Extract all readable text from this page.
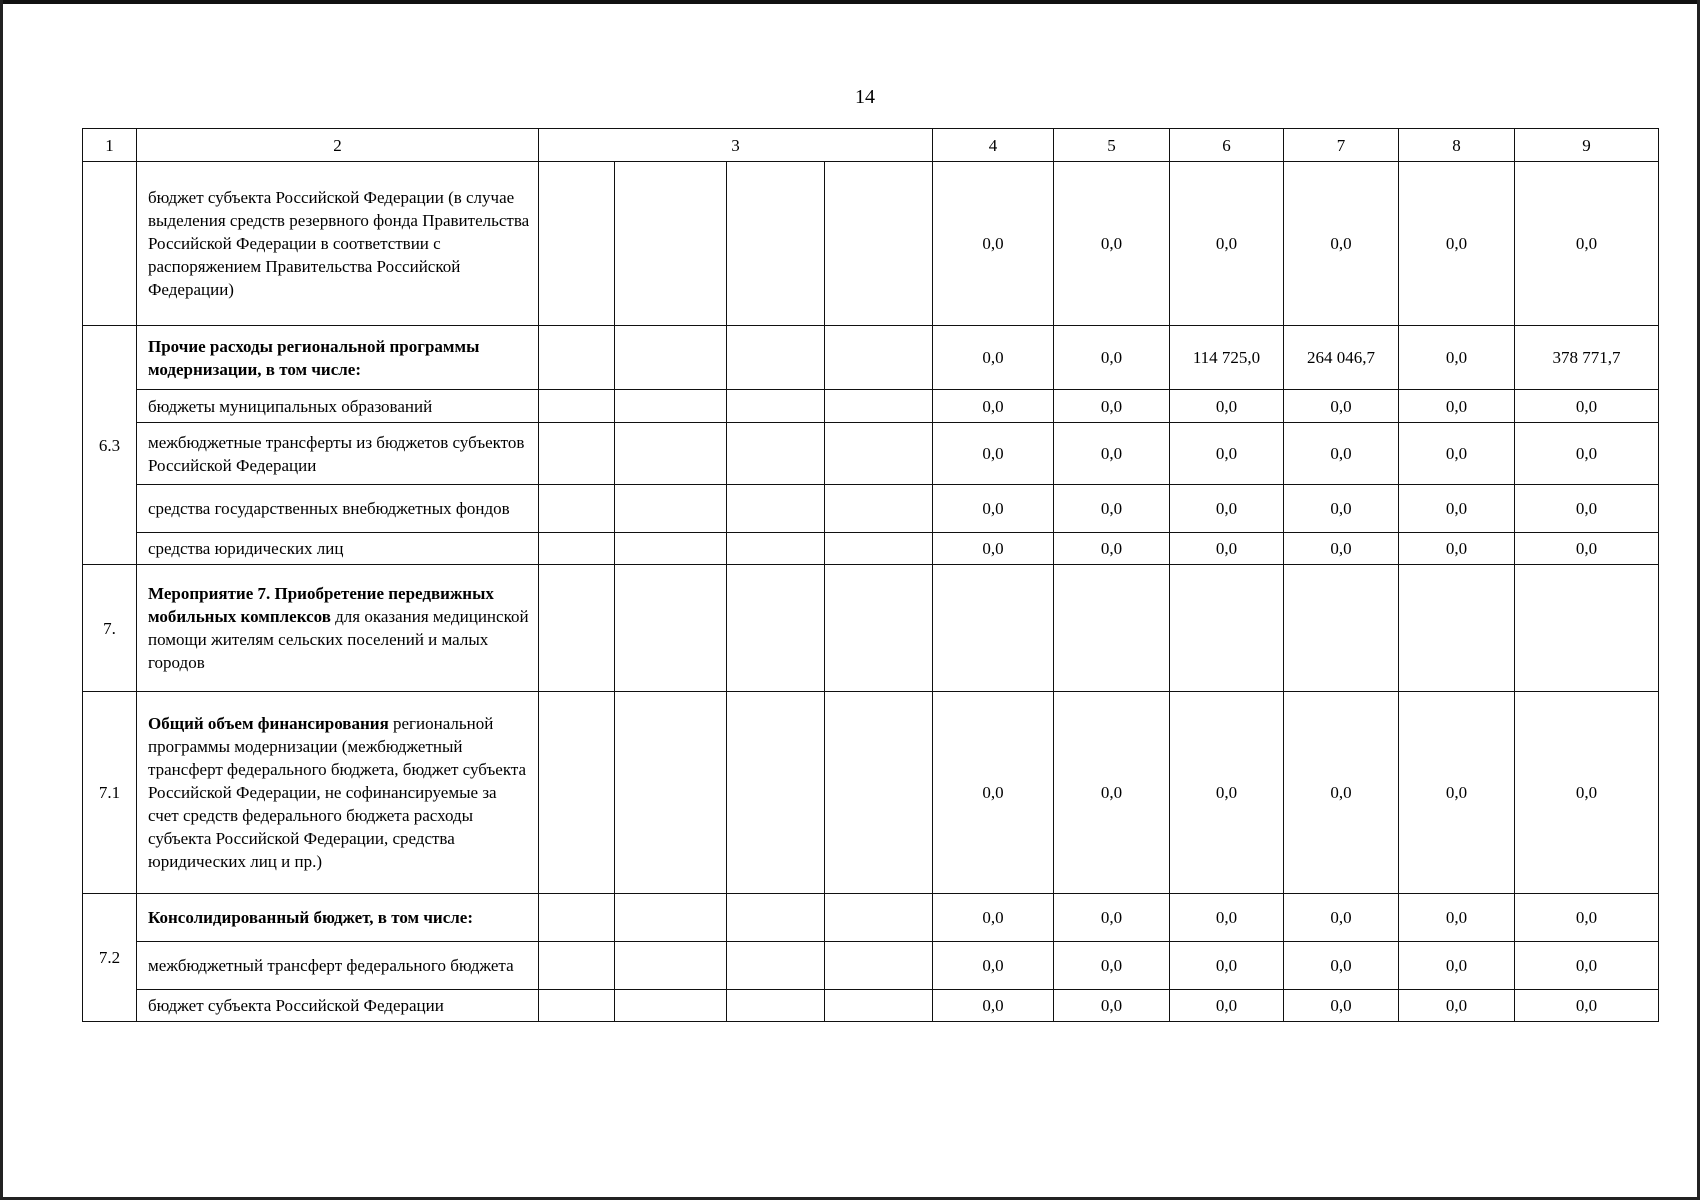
14
1	2	3				4	5	6	7	8	9
	бюджет субъекта Российской Федерации (в случае выделения средств резервного фонда Правительства Российской Федерации в соответствии с распоряжением Правительства Российской Федерации)					0,0	0,0	0,0	0,0	0,0	0,0
6.3	Прочие расходы региональной программы модернизации, в том числе:					0,0	0,0	114 725,0	264 046,7	0,0	378 771,7
	бюджеты муниципальных образований					0,0	0,0	0,0	0,0	0,0	0,0
	межбюджетные трансферты из бюджетов субъектов Российской Федерации					0,0	0,0	0,0	0,0	0,0	0,0
	средства государственных внебюджетных фондов					0,0	0,0	0,0	0,0	0,0	0,0
	средства юридических лиц					0,0	0,0	0,0	0,0	0,0	0,0
7.	Мероприятие 7. Приобретение передвижных мобильных комплексов для оказания медицинской помощи жителям сельских поселений и малых городов										
7.1	Общий объем финансирования региональной программы модернизации (межбюджетный трансферт федерального бюджета, бюджет субъекта Российской Федерации, не софинансируемые за счет средств федерального бюджета расходы субъекта Российской Федерации, средства юридических лиц и пр.)					0,0	0,0	0,0	0,0	0,0	0,0
7.2	Консолидированный бюджет, в том числе:					0,0	0,0	0,0	0,0	0,0	0,0
	межбюджетный трансферт федерального бюджета					0,0	0,0	0,0	0,0	0,0	0,0
	бюджет субъекта Российской Федерации					0,0	0,0	0,0	0,0	0,0	0,0
